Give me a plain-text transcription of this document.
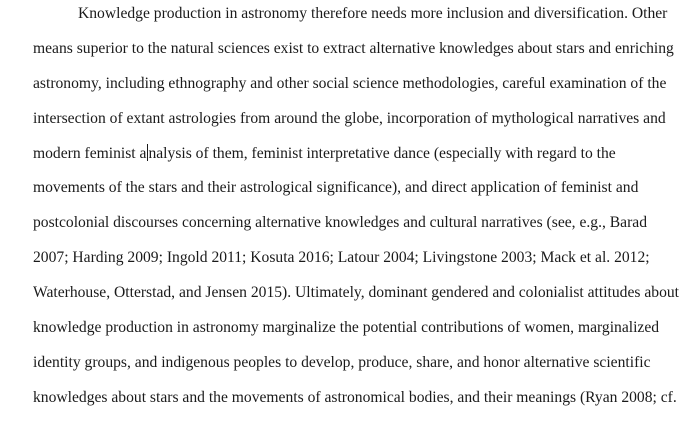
Knowledge production in astronomy therefore needs more inclusion and diversification. Other
means superior to the natural sciences exist to extract alternative knowledges about stars and enriching
astronomy, including ethnography and other social science methodologies, careful examination of the
intersection of extant astrologies from around the globe, incorporation of mythological narratives and
modern feminist a nalysis of them, feminist interpretative dance (especially with regard to the
movements of the stars and their astrological significance), and direct application of feminist and
postcolonial discourses concerning alternative knowledges and cultural narratives (see, e.g., Barad
2007; Harding 2009; Ingold 2011; Kosuta 2016; Latour 2004; Livingstone 2003; Mack et al. 2012;
Waterhouse, Otterstad, and Jensen 2015). Ultimately, dominant gendered and colonialist attitudes about
knowledge production in astronomy marginalize the potential contributions of women, marginalized
identity groups, and indigenous peoples to develop, produce, share, and honor alternative scientific
knowledges about stars and the movements of astronomical bodies, and their meanings (Ryan 2008; cf.
